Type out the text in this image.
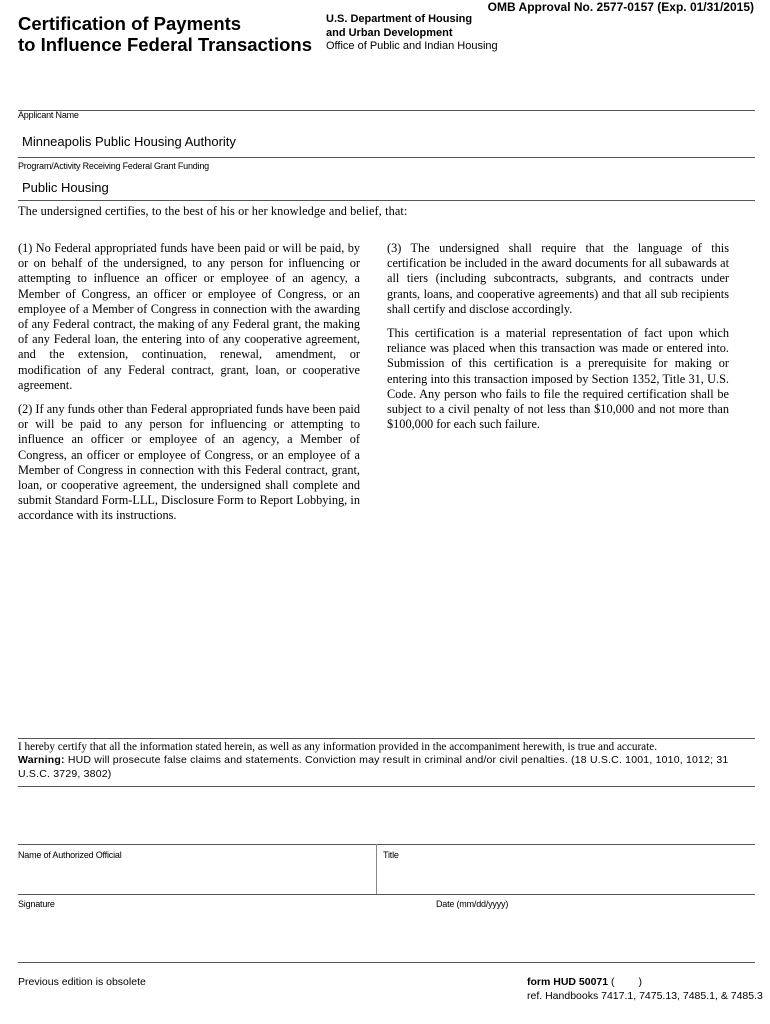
OMB Approval No. 2577-0157 (Exp. 01/31/2015)
Certification of Payments
to Influence Federal Transactions
U.S. Department of Housing
and Urban Development
Office of Public and Indian Housing
Applicant Name
Minneapolis Public Housing Authority
Program/Activity Receiving Federal Grant Funding
Public Housing
The undersigned certifies, to the best of his or her knowledge and belief, that:

(1) No Federal appropriated funds have been paid or will be paid, by or on behalf of the undersigned, to any person for influencing or attempting to influence an officer or employee of an agency, a Member of Congress, an officer or employee of Congress, or an employee of a Member of Congress in connection with the awarding of any Federal contract, the making of any Federal grant, the making of any Federal loan, the entering into of any cooperative agreement, and the extension, continuation, renewal, amendment, or modification of any Federal contract, grant, loan, or cooperative agreement.

(2) If any funds other than Federal appropriated funds have been paid or will be paid to any person for influencing or attempting to influence an officer or employee of an agency, a Member of Congress, an officer or employee of Congress, or an employee of a Member of Congress in connection with this Federal contract, grant, loan, or cooperative agreement, the undersigned shall complete and submit Standard Form-LLL, Disclosure Form to Report Lobbying, in accordance with its instructions.

(3) The undersigned shall require that the language of this certification be included in the award documents for all subawards at all tiers (including subcontracts, subgrants, and contracts under grants, loans, and cooperative agreements) and that all sub recipients shall certify and disclose accordingly.

This certification is a material representation of fact upon which reliance was placed when this transaction was made or entered into. Submission of this certification is a prerequisite for making or entering into this transaction imposed by Section 1352, Title 31, U.S. Code. Any person who fails to file the required certification shall be subject to a civil penalty of not less than $10,000 and not more than $100,000 for each such failure.

I hereby certify that all the information stated herein, as well as any information provided in the accompaniment herewith, is true and accurate.
Warning: HUD will prosecute false claims and statements. Conviction may result in criminal and/or civil penalties. (18 U.S.C. 1001, 1010, 1012; 31 U.S.C. 3729, 3802)
Name of Authorized Official	Title
Signature	Date (mm/dd/yyyy)
Previous edition is obsolete	form HUD 50071 ( )
ref. Handbooks 7417.1, 7475.13, 7485.1, & 7485.3
